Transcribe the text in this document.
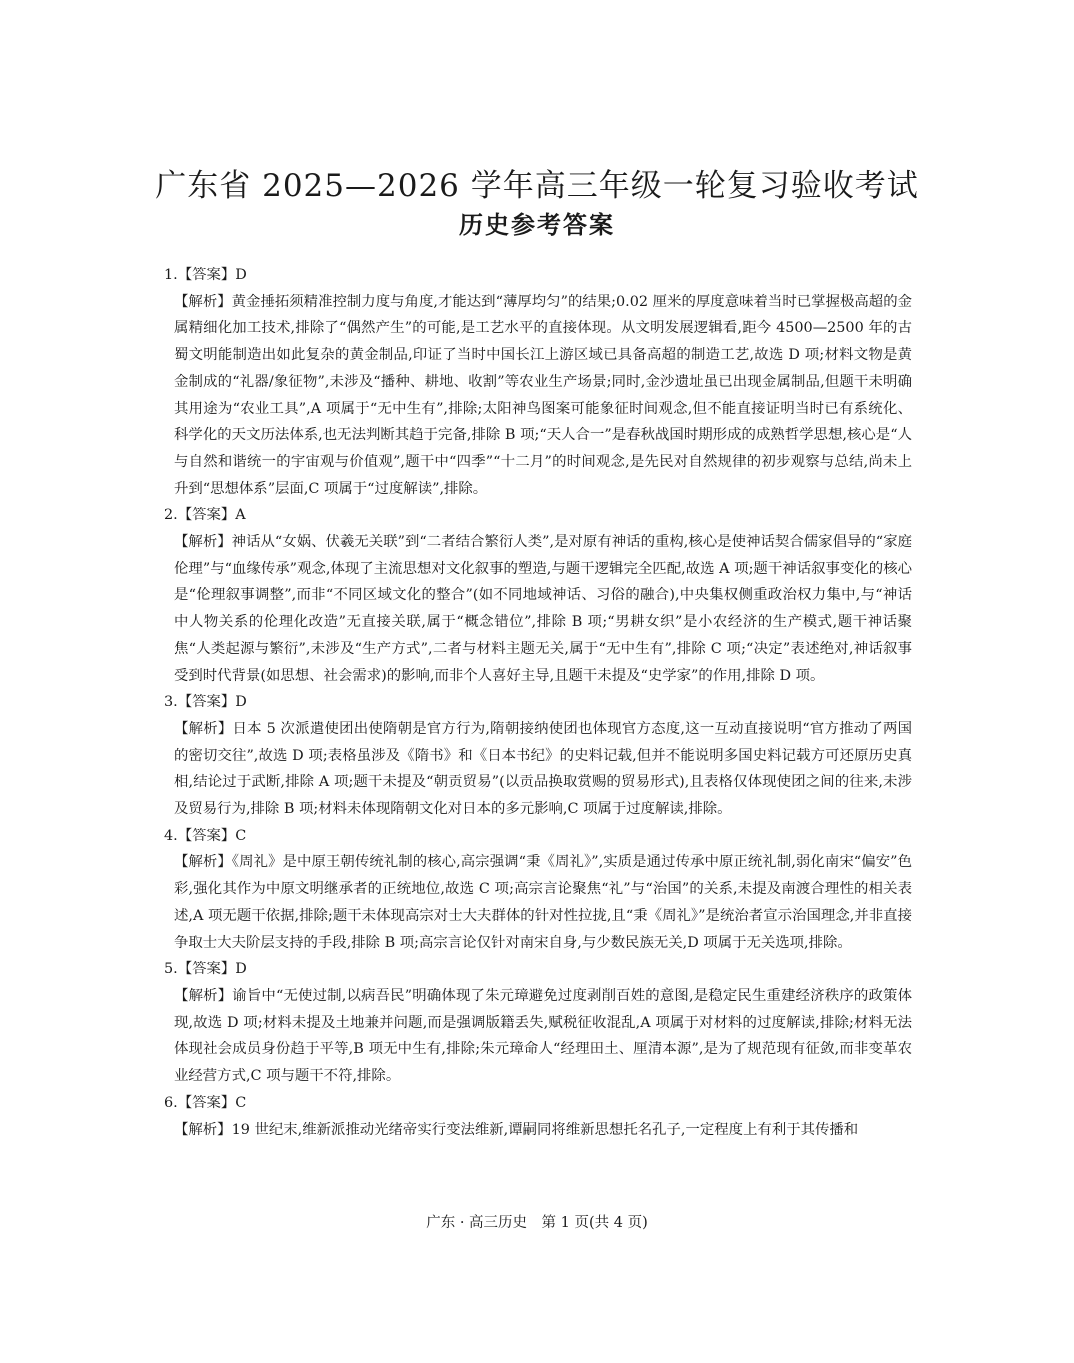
广东省 2025—2026 学年高三年级一轮复习验收考试
历史参考答案

1.【答案】D

【解析】黄金捶拓须精准控制力度与角度,才能达到“薄厚均匀”的结果;0.02 厘米的厚度意味着当时已掌握极高超的金属精细化加工技术,排除了“偶然产生”的可能,是工艺水平的直接体现。从文明发展逻辑看,距今 4500—2500 年的古蜀文明能制造出如此复杂的黄金制品,印证了当时中国长江上游区域已具备高超的制造工艺,故选 D 项;材料文物是黄金制成的“礼器/象征物”,未涉及“播种、耕地、收割”等农业生产场景;同时,金沙遗址虽已出现金属制品,但题干未明确其用途为“农业工具”,A 项属于“无中生有”,排除;太阳神鸟图案可能象征时间观念,但不能直接证明当时已有系统化、科学化的天文历法体系,也无法判断其趋于完备,排除 B 项;“天人合一”是春秋战国时期形成的成熟哲学思想,核心是“人与自然和谐统一的宇宙观与价值观”,题干中“四季”“十二月”的时间观念,是先民对自然规律的初步观察与总结,尚未上升到“思想体系”层面,C 项属于“过度解读”,排除。

2.【答案】A

【解析】神话从“女娲、伏羲无关联”到“二者结合繁衍人类”,是对原有神话的重构,核心是使神话契合儒家倡导的“家庭伦理”与“血缘传承”观念,体现了主流思想对文化叙事的塑造,与题干逻辑完全匹配,故选 A 项;题干神话叙事变化的核心是“伦理叙事调整”,而非“不同区域文化的整合”(如不同地域神话、习俗的融合),中央集权侧重政治权力集中,与“神话中人物关系的伦理化改造”无直接关联,属于“概念错位”,排除 B 项;“男耕女织”是小农经济的生产模式,题干神话聚焦“人类起源与繁衍”,未涉及“生产方式”,二者与材料主题无关,属于“无中生有”,排除 C 项;“决定”表述绝对,神话叙事受到时代背景(如思想、社会需求)的影响,而非个人喜好主导,且题干未提及“史学家”的作用,排除 D 项。

3.【答案】D

【解析】日本 5 次派遣使团出使隋朝是官方行为,隋朝接纳使团也体现官方态度,这一互动直接说明“官方推动了两国的密切交往”,故选 D 项;表格虽涉及《隋书》和《日本书纪》的史料记载,但并不能说明多国史料记载方可还原历史真相,结论过于武断,排除 A 项;题干未提及“朝贡贸易”(以贡品换取赏赐的贸易形式),且表格仅体现使团之间的往来,未涉及贸易行为,排除 B 项;材料未体现隋朝文化对日本的多元影响,C 项属于过度解读,排除。

4.【答案】C

【解析】《周礼》是中原王朝传统礼制的核心,高宗强调“秉《周礼》”,实质是通过传承中原正统礼制,弱化南宋“偏安”色彩,强化其作为中原文明继承者的正统地位,故选 C 项;高宗言论聚焦“礼”与“治国”的关系,未提及南渡合理性的相关表述,A 项无题干依据,排除;题干未体现高宗对士大夫群体的针对性拉拢,且“秉《周礼》”是统治者宣示治国理念,并非直接争取士大夫阶层支持的手段,排除 B 项;高宗言论仅针对南宋自身,与少数民族无关,D 项属于无关选项,排除。

5.【答案】D

【解析】谕旨中“无使过制,以病吾民”明确体现了朱元璋避免过度剥削百姓的意图,是稳定民生重建经济秩序的政策体现,故选 D 项;材料未提及土地兼并问题,而是强调版籍丢失,赋税征收混乱,A 项属于对材料的过度解读,排除;材料无法体现社会成员身份趋于平等,B 项无中生有,排除;朱元璋命人“经理田土、厘清本源”,是为了规范现有征敛,而非变革农业经营方式,C 项与题干不符,排除。

6.【答案】C

【解析】19 世纪末,维新派推动光绪帝实行变法维新,谭嗣同将维新思想托名孔子,一定程度上有利于其传播和

广东 · 高三历史　第 1 页(共 4 页)
